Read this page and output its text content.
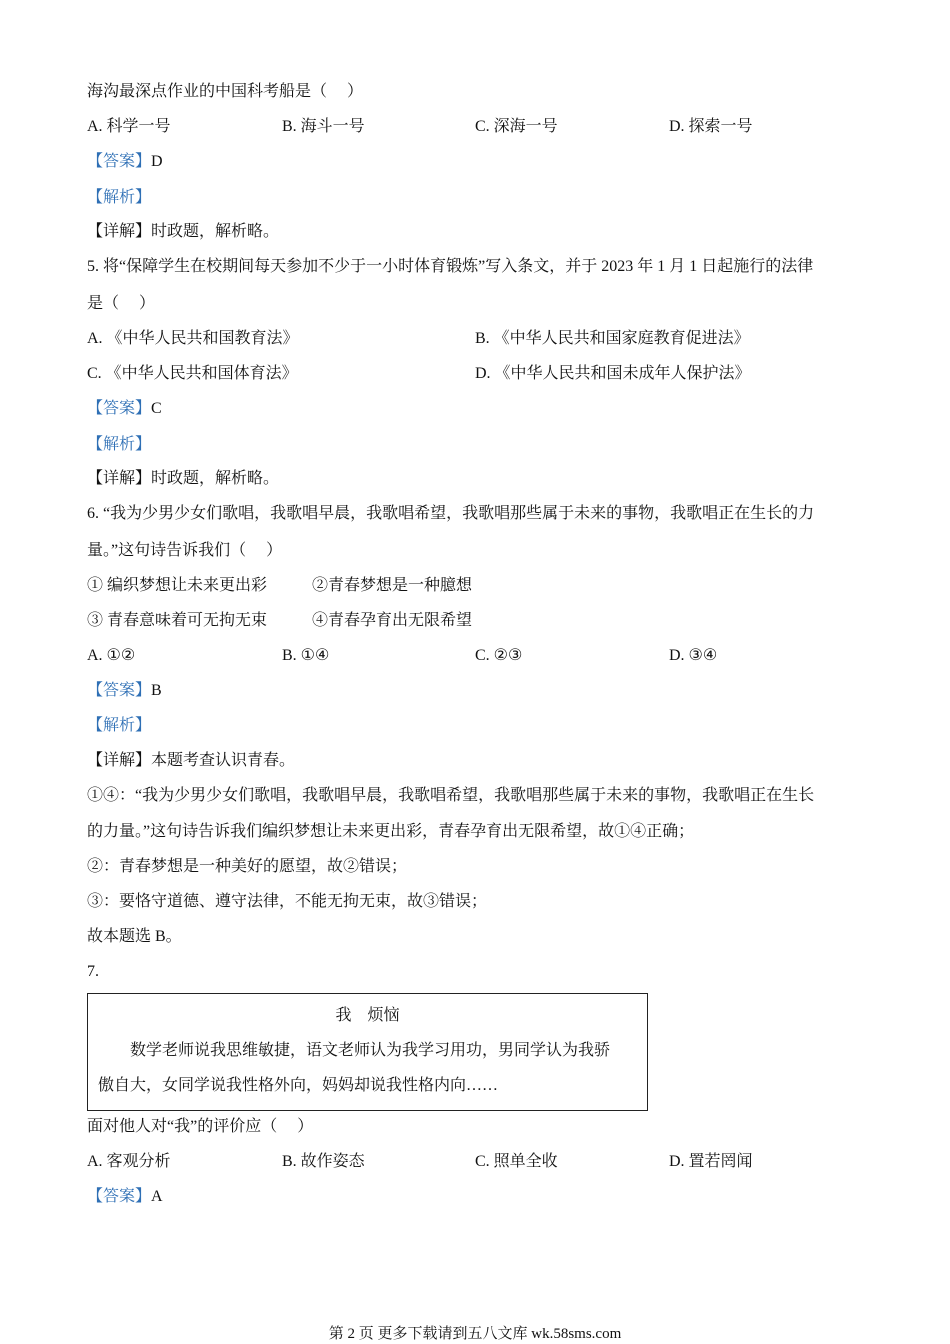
海沟最深点作业的中国科考船是（　 ）
A. 科学一号	B. 海斗一号	C. 深海一号	D. 探索一号
【答案】D
【解析】
【详解】时政题，解析略。
5. 将“保障学生在校期间每天参加不少于一小时体育锻炼”写入条文，并于 2023 年 1 月 1 日起施行的法律
是（　 ）
A. 《中华人民共和国教育法》	B. 《中华人民共和国家庭教育促进法》
C. 《中华人民共和国体育法》	D. 《中华人民共和国未成年人保护法》
【答案】C
【解析】
【详解】时政题，解析略。
6. “我为少男少女们歌唱，我歌唱早晨，我歌唱希望，我歌唱那些属于未来的事物，我歌唱正在生长的力
量。”这句诗告诉我们（　 ）
① 编织梦想让未来更出彩	②青春梦想是一种臆想
③ 青春意味着可无拘无束	④青春孕育出无限希望
A. ①②	B. ①④	C. ②③	D. ③④
【答案】B
【解析】
【详解】本题考查认识青春。
①④：“我为少男少女们歌唱，我歌唱早晨，我歌唱希望，我歌唱那些属于未来的事物，我歌唱正在生长
的力量。”这句诗告诉我们编织梦想让未来更出彩，青春孕育出无限希望，故①④正确；
②：青春梦想是一种美好的愿望，故②错误；
③：要恪守道德、遵守法律，不能无拘无束，故③错误；
故本题选 B。
7.
我　烦恼
数学老师说我思维敏捷，语文老师认为我学习用功，男同学认为我骄
傲自大，女同学说我性格外向，妈妈却说我性格内向……
面对他人对“我”的评价应（　 ）
A. 客观分析	B. 故作姿态	C. 照单全收	D. 置若罔闻
【答案】A
第 2 页 更多下载请到五八文库 wk.58sms.com
